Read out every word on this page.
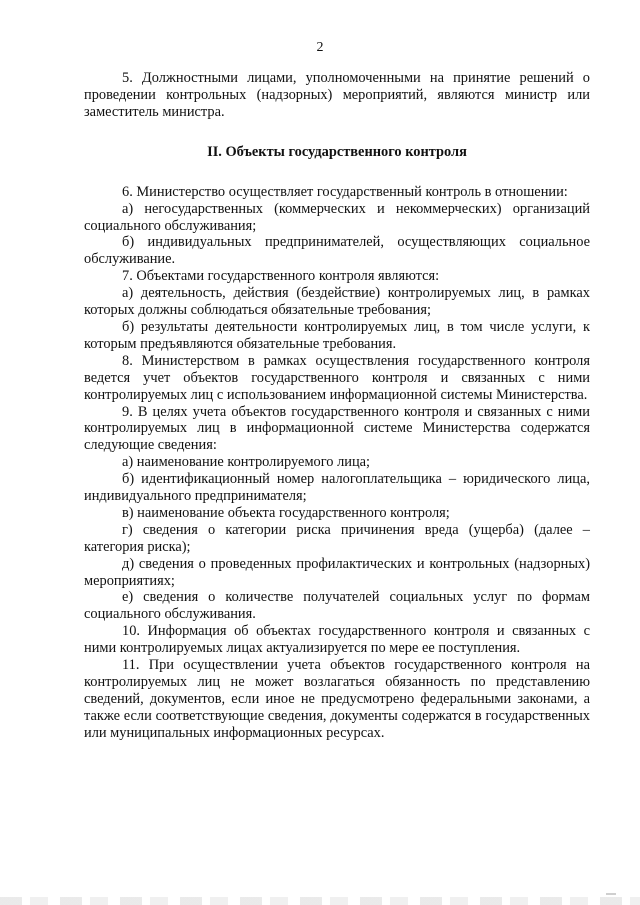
2

5. Должностными лицами, уполномоченными на принятие решений о проведении контрольных (надзорных) мероприятий, являются министр или заместитель министра.

II. Объекты государственного контроля

6. Министерство осуществляет государственный контроль в отношении:

а) негосударственных (коммерческих и некоммерческих) организаций социального обслуживания;

б) индивидуальных предпринимателей, осуществляющих социальное обслуживание.

7. Объектами государственного контроля являются:

а) деятельность, действия (бездействие) контролируемых лиц, в рамках которых должны соблюдаться обязательные требования;

б) результаты деятельности контролируемых лиц, в том числе услуги, к которым предъявляются обязательные требования.

8. Министерством в рамках осуществления государственного контроля ведется учет объектов государственного контроля и связанных с ними контролируемых лиц с использованием информационной системы Министерства.

9. В целях учета объектов государственного контроля и связанных с ними контролируемых лиц в информационной системе Министерства содержатся следующие сведения:

а) наименование контролируемого лица;

б) идентификационный номер налогоплательщика – юридического лица, индивидуального предпринимателя;

в) наименование объекта государственного контроля;

г) сведения о категории риска причинения вреда (ущерба) (далее – категория риска);

д) сведения о проведенных профилактических и контрольных (надзорных) мероприятиях;

е) сведения о количестве получателей социальных услуг по формам социального обслуживания.

10. Информация об объектах государственного контроля и связанных с ними контролируемых лицах актуализируется по мере ее поступления.

11. При осуществлении учета объектов государственного контроля на контролируемых лиц не может возлагаться обязанность по представлению сведений, документов, если иное не предусмотрено федеральными законами, а также если соответствующие сведения, документы содержатся в государственных или муниципальных информационных ресурсах.
